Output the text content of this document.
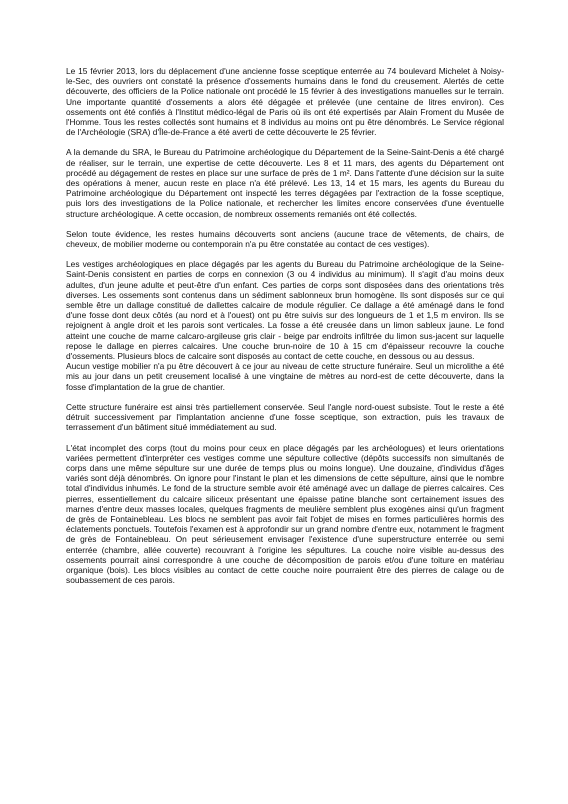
Le 15 février 2013, lors du déplacement d'une ancienne fosse sceptique enterrée au 74 boulevard Michelet à Noisy-le-Sec, des ouvriers ont constaté la présence d'ossements humains dans le fond du creusement. Alertés de cette découverte, des officiers de la Police nationale ont procédé le 15 février à des investigations manuelles sur le terrain. Une importante quantité d'ossements a alors été dégagée et prélevée (une centaine de litres environ). Ces ossements ont été confiés à l'Institut médico-légal de Paris où ils ont été expertisés par Alain Froment du Musée de l'Homme. Tous les restes collectés sont humains et 8 individus au moins ont pu être dénombrés. Le Service régional de l'Archéologie (SRA) d'Île-de-France a été averti de cette découverte le 25 février.

A la demande du SRA, le Bureau du Patrimoine archéologique du Département de la Seine-Saint-Denis a été chargé de réaliser, sur le terrain, une expertise de cette découverte. Les 8 et 11 mars, des agents du Département ont procédé au dégagement de restes en place sur une surface de près de 1 m². Dans l'attente d'une décision sur la suite des opérations à mener, aucun reste en place n'a été prélevé. Les 13, 14 et 15 mars, les agents du Bureau du Patrimoine archéologique du Département ont inspecté les terres dégagées par l'extraction de la fosse sceptique, puis lors des investigations de la Police nationale, et rechercher les limites encore conservées d'une éventuelle structure archéologique. A cette occasion, de nombreux ossements remaniés ont été collectés.

Selon toute évidence, les restes humains découverts sont anciens (aucune trace de vêtements, de chairs, de cheveux, de mobilier moderne ou contemporain n'a pu être constatée au contact de ces vestiges).

Les vestiges archéologiques en place dégagés par les agents du Bureau du Patrimoine archéologique de la Seine-Saint-Denis consistent en parties de corps en connexion (3 ou 4 individus au minimum). Il s'agit d'au moins deux adultes, d'un jeune adulte et peut-être d'un enfant. Ces parties de corps sont disposées dans des orientations très diverses. Les ossements sont contenus dans un sédiment sablonneux brun homogène. Ils sont disposés sur ce qui semble être un dallage constitué de dallettes calcaire de module régulier. Ce dallage a été aménagé dans le fond d'une fosse dont deux côtés (au nord et à l'ouest) ont pu être suivis sur des longueurs de 1 et 1,5 m environ. Ils se rejoignent à angle droit et les parois sont verticales. La fosse a été creusée dans un limon sableux jaune. Le fond atteint une couche de marne calcaro-argileuse gris clair - beige par endroits infiltrée du limon sus-jacent sur laquelle repose le dallage en pierres calcaires. Une couche brun-noire de 10 à 15 cm d'épaisseur recouvre la couche d'ossements. Plusieurs blocs de calcaire sont disposés au contact de cette couche, en dessous ou au dessus.

Aucun vestige mobilier n'a pu être découvert à ce jour au niveau de cette structure funéraire. Seul un microlithe a été mis au jour dans un petit creusement localisé à une vingtaine de mètres au nord-est de cette découverte, dans la fosse d'implantation de la grue de chantier.

Cette structure funéraire est ainsi très partiellement conservée. Seul l'angle nord-ouest subsiste. Tout le reste a été détruit successivement par l'implantation ancienne d'une fosse sceptique, son extraction, puis les travaux de terrassement d'un bâtiment situé immédiatement au sud.

L'état incomplet des corps (tout du moins pour ceux en place dégagés par les archéologues) et leurs orientations variées permettent d'interpréter ces vestiges comme une sépulture collective (dépôts successifs non simultanés de corps dans une même sépulture sur une durée de temps plus ou moins longue). Une douzaine, d'individus d'âges variés sont déjà dénombrés. On ignore pour l'instant le plan et les dimensions de cette sépulture, ainsi que le nombre total d'individus inhumés. Le fond de la structure semble avoir été aménagé avec un dallage de pierres calcaires. Ces pierres, essentiellement du calcaire siliceux présentant une épaisse patine blanche sont certainement issues des marnes d'entre deux masses locales, quelques fragments de meulière semblent plus exogènes ainsi qu'un fragment de grès de Fontainebleau. Les blocs ne semblent pas avoir fait l'objet de mises en formes particulières hormis des éclatements ponctuels. Toutefois l'examen est à approfondir sur un grand nombre d'entre eux, notamment le fragment de grès de Fontainebleau. On peut sérieusement envisager l'existence d'une superstructure enterrée ou semi enterrée (chambre, allée couverte) recouvrant à l'origine les sépultures. La couche noire visible au-dessus des ossements pourrait ainsi correspondre à une couche de décomposition de parois et/ou d'une toiture en matériau organique (bois). Les blocs visibles au contact de cette couche noire pourraient être des pierres de calage ou de soubassement de ces parois.
